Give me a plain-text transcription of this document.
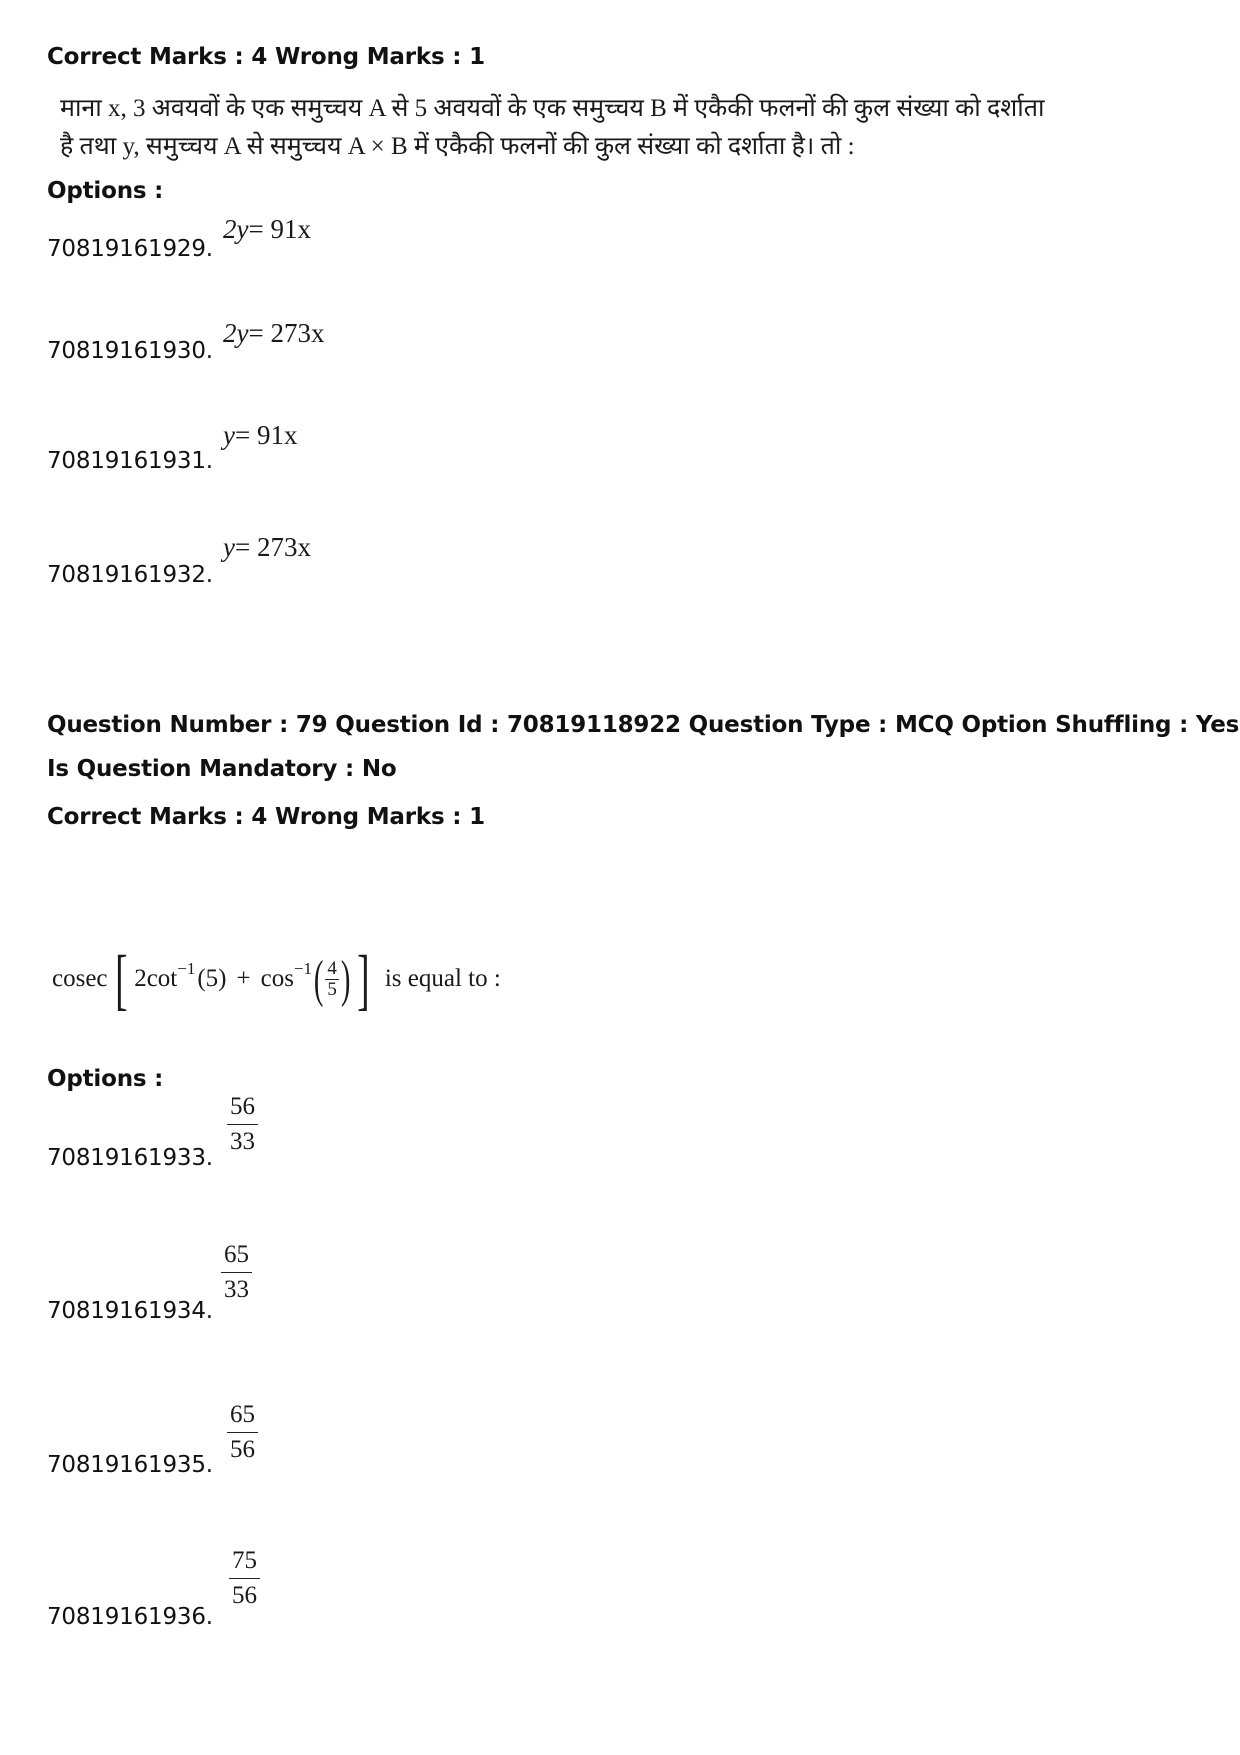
Correct Marks : 4 Wrong Marks : 1
माना x, 3 अवयवों के एक समुच्चय A से 5 अवयवों के एक समुच्चय B में एकैकी फलनों की कुल संख्या को दर्शाता
है तथा y, समुच्चय A से समुच्चय A × B में एकैकी फलनों की कुल संख्या को दर्शाता है। तो :
Options :
70819161929.
2y= 91x
70819161930.
2y= 273x
70819161931.
y= 91x
70819161932.
y= 273x
Question Number : 79 Question Id : 70819118922 Question Type : MCQ Option Shuffling : Yes
Is Question Mandatory : No
Correct Marks : 4 Wrong Marks : 1
cosec [ $2\cot^{-1}$ $(5) + \cos^{-1}$ ( $\frac{4}{5}$ ) ] is equal to :
Options :
70819161933.
$\frac{56}{33}$
70819161934.
$\frac{65}{33}$
70819161935. $\frac{65}{56}$
70819161936.
$\frac{75}{56}$
